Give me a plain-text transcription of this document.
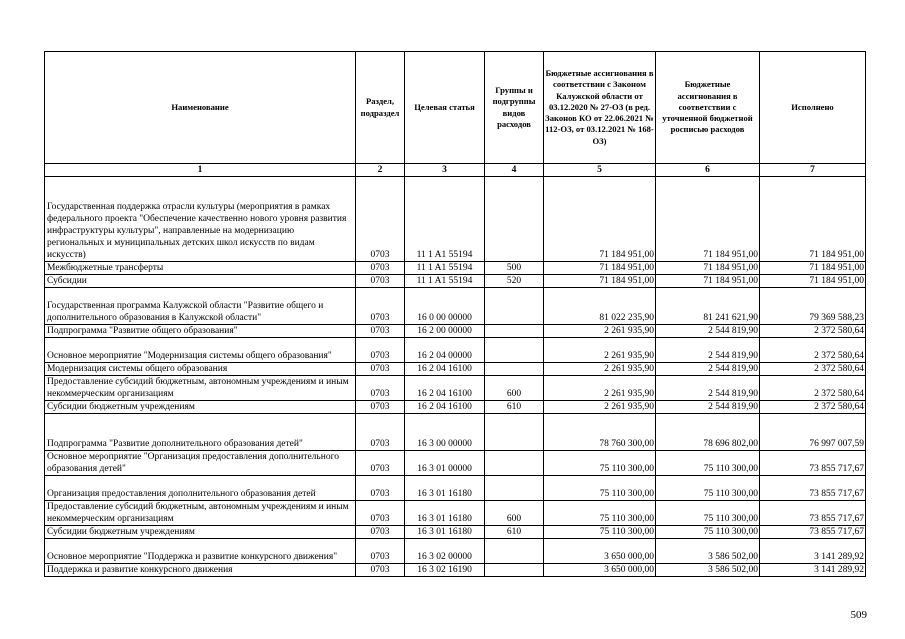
Наименование	Раздел, подраздел	Целевая статья	Группы и подгруппы видов расходов	Бюджетные ассигнования в соответствии с Законом Калужской области от 03.12.2020 № 27-ОЗ (в ред. Законов КО от 22.06.2021 № 112-ОЗ, от 03.12.2021 № 168-ОЗ)	Бюджетные ассигнования в соответствии с уточненной бюджетной росписью расходов	Исполнено
1	2	3	4	5	6	7
Государственная поддержка отрасли культуры (мероприятия в рамках федерального проекта "Обеспечение качественно нового уровня развития инфраструктуры культуры", направленные на модернизацию региональных и муниципальных детских школ искусств по видам искусств)	0703	11 1 A1 55194		71 184 951,00	71 184 951,00	71 184 951,00
Межбюджетные трансферты	0703	11 1 A1 55194	500	71 184 951,00	71 184 951,00	71 184 951,00
Субсидии	0703	11 1 A1 55194	520	71 184 951,00	71 184 951,00	71 184 951,00
Государственная программа Калужской области "Развитие общего и дополнительного образования в Калужской области"	0703	16 0 00 00000		81 022 235,90	81 241 621,90	79 369 588,23
Подпрограмма "Развитие общего образования"	0703	16 2 00 00000		2 261 935,90	2 544 819,90	2 372 580,64
Основное мероприятие "Модернизация системы общего образования"	0703	16 2 04 00000		2 261 935,90	2 544 819,90	2 372 580,64
Модернизация системы общего образования	0703	16 2 04 16100		2 261 935,90	2 544 819,90	2 372 580,64
Предоставление субсидий бюджетным, автономным учреждениям и иным некоммерческим организациям	0703	16 2 04 16100	600	2 261 935,90	2 544 819,90	2 372 580,64
Субсидии бюджетным учреждениям	0703	16 2 04 16100	610	2 261 935,90	2 544 819,90	2 372 580,64
Подпрограмма "Развитие дополнительного образования детей"	0703	16 3 00 00000		78 760 300,00	78 696 802,00	76 997 007,59
Основное мероприятие "Организация предоставления дополнительного образования детей"	0703	16 3 01 00000		75 110 300,00	75 110 300,00	73 855 717,67
Организация предоставления дополнительного образования детей	0703	16 3 01 16180		75 110 300,00	75 110 300,00	73 855 717,67
Предоставление субсидий бюджетным, автономным учреждениям и иным некоммерческим организациям	0703	16 3 01 16180	600	75 110 300,00	75 110 300,00	73 855 717,67
Субсидии бюджетным учреждениям	0703	16 3 01 16180	610	75 110 300,00	75 110 300,00	73 855 717,67
Основное мероприятие "Поддержка и развитие конкурсного движения"	0703	16 3 02 00000		3 650 000,00	3 586 502,00	3 141 289,92
Поддержка и развитие конкурсного движения	0703	16 3 02 16190		3 650 000,00	3 586 502,00	3 141 289,92
509
